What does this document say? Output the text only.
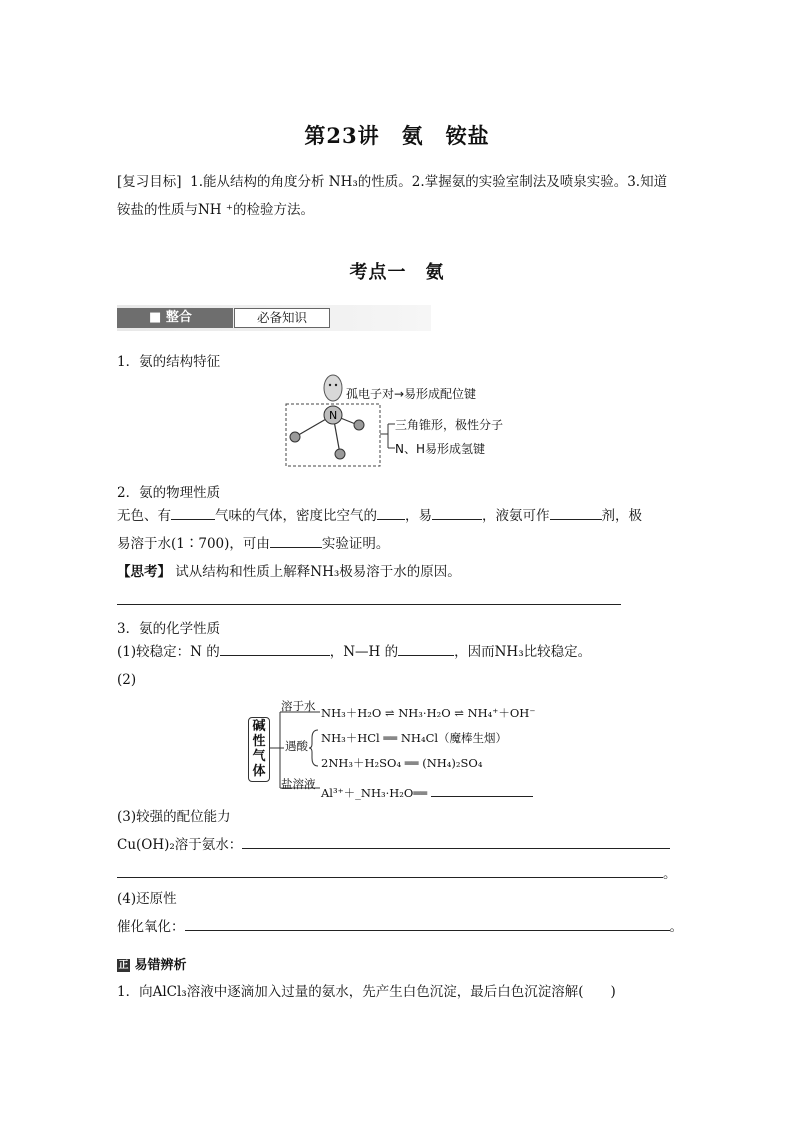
第23讲　氨　铵盐
[复习目标] 1.能从结构的角度分析 NH₃的性质。2.掌握氨的实验室制法及喷泉实验。3.知道
铵盐的性质与NH ⁺的检验方法。
考点一　氨
■ 整合	必备知识
1．氨的结构特征
N
孤电子对→易形成配位键
三角锥形，极性分子
N、H易形成氢键
2．氨的物理性质
无色、有	气味的气体，密度比空气的 ，易	，液氨可作	剂，极
易溶于水(1∶700)，可由	实验证明。
【思考】 试从结构和性质上解释NH₃极易溶于水的原因。
3．氨的化学性质
(1)较稳定：N 的	，N—H 的	，因而NH₃比较稳定。
(2)
碱
性
气
体
溶于水 NH₃＋H₂O ⇌ NH₃·H₂O ⇌ NH₄⁺＋OH⁻
遇酸
NH₃＋HCl ══ NH₄Cl（魔棒生烟）
2NH₃＋H₂SO₄ ══ (NH₄)₂SO₄
盐溶液
Al³⁺＋_NH₃·H₂O══
(3)较强的配位能力
Cu(OH)₂溶于氨水：
。
(4)还原性
催化氧化：	。
正 易错辨析
1．向AlCl₃溶液中逐滴加入过量的氨水，先产生白色沉淀，最后白色沉淀溶解(　　)
